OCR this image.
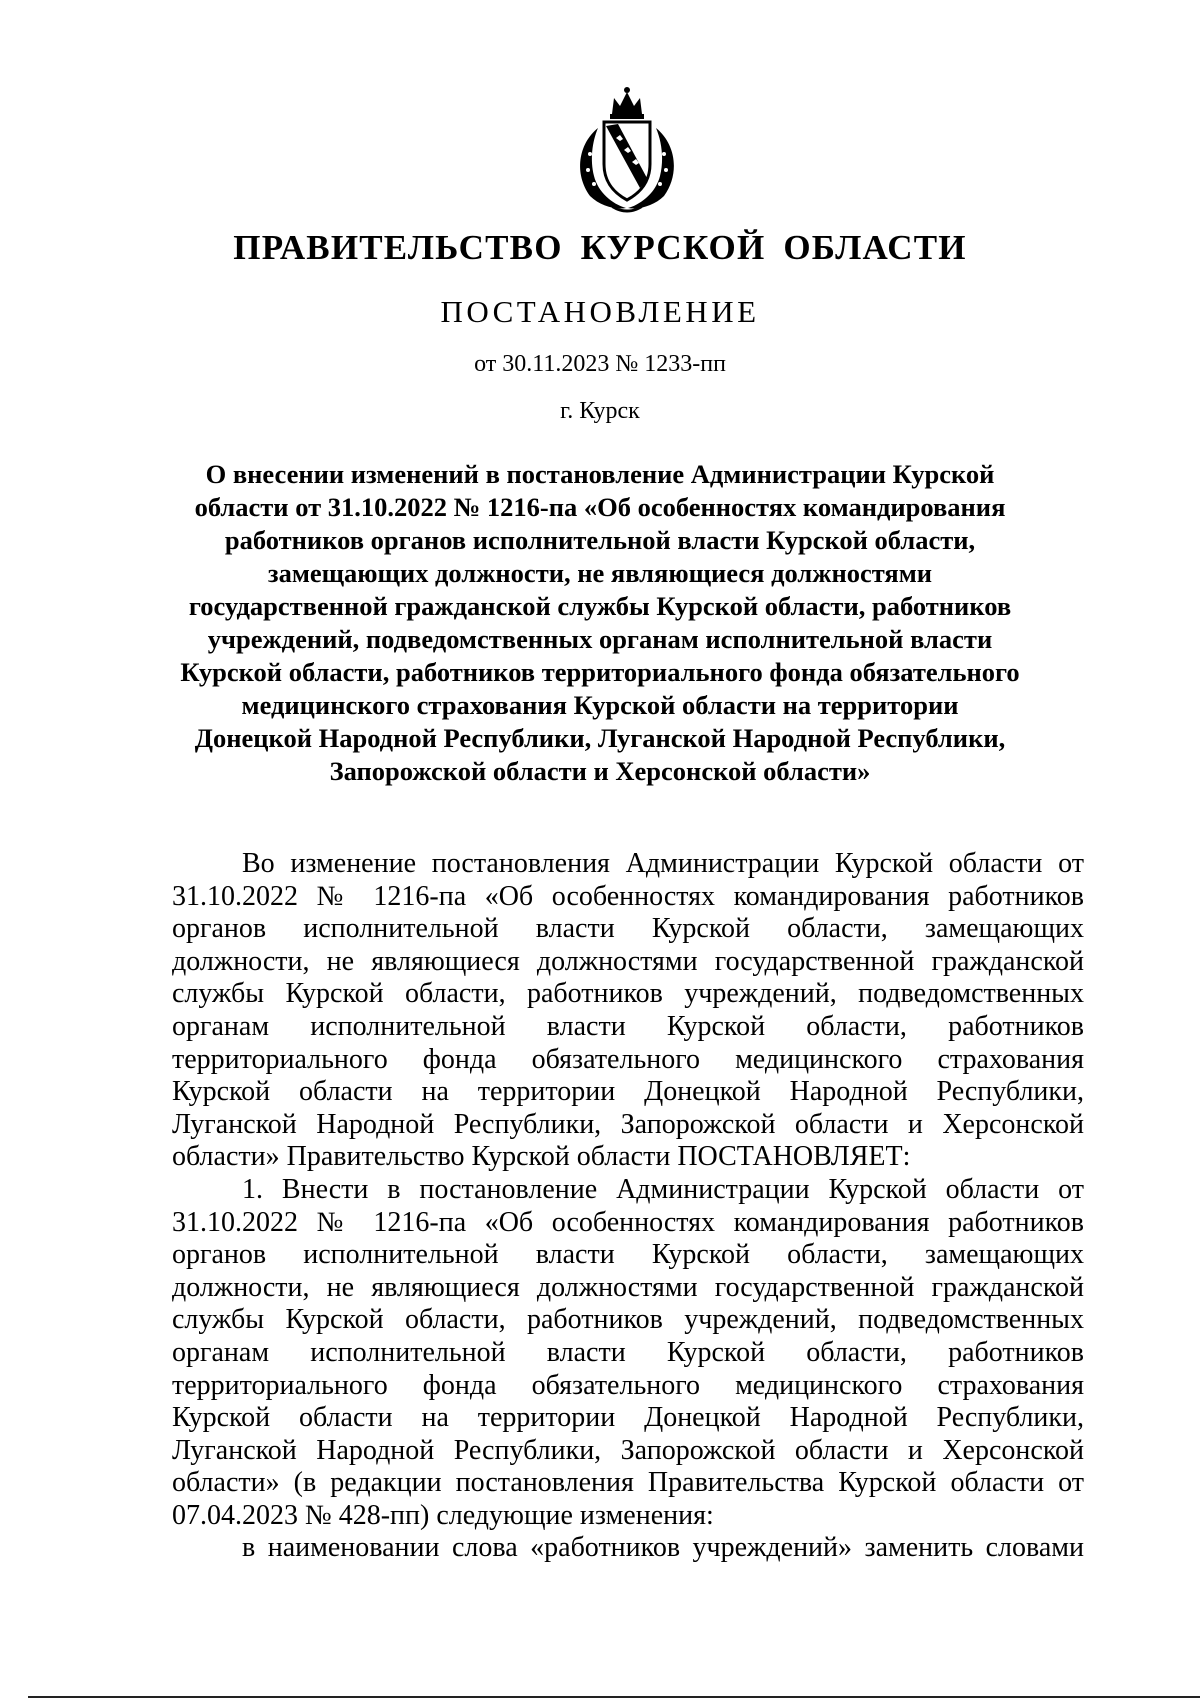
ПРАВИТЕЛЬСТВО КУРСКОЙ ОБЛАСТИ
ПОСТАНОВЛЕНИЕ
от 30.11.2023 № 1233-пп
г. Курск
О внесении изменений в постановление Администрации Курской
области от 31.10.2022 № 1216-па «Об особенностях командирования
работников органов исполнительной власти Курской области,
замещающих должности, не являющиеся должностями
государственной гражданской службы Курской области, работников
учреждений, подведомственных органам исполнительной власти
Курской области, работников территориального фонда обязательного
медицинского страхования Курской области на территории
Донецкой Народной Республики, Луганской Народной Республики,
Запорожской области и Херсонской области»
Во изменение постановления Администрации Курской области от
31.10.2022 № 1216-па «Об особенностях командирования работников
органов исполнительной власти Курской области, замещающих
должности, не являющиеся должностями государственной гражданской
службы Курской области, работников учреждений, подведомственных
органам исполнительной власти Курской области, работников
территориального фонда обязательного медицинского страхования
Курской области на территории Донецкой Народной Республики,
Луганской Народной Республики, Запорожской области и Херсонской
области» Правительство Курской области ПОСТАНОВЛЯЕТ:
1. Внести в постановление Администрации Курской области от
31.10.2022 № 1216-па «Об особенностях командирования работников
органов исполнительной власти Курской области, замещающих
должности, не являющиеся должностями государственной гражданской
службы Курской области, работников учреждений, подведомственных
органам исполнительной власти Курской области, работников
территориального фонда обязательного медицинского страхования
Курской области на территории Донецкой Народной Республики,
Луганской Народной Республики, Запорожской области и Херсонской
области» (в редакции постановления Правительства Курской области от
07.04.2023 № 428-пп) следующие изменения:
в наименовании слова «работников учреждений» заменить словами
